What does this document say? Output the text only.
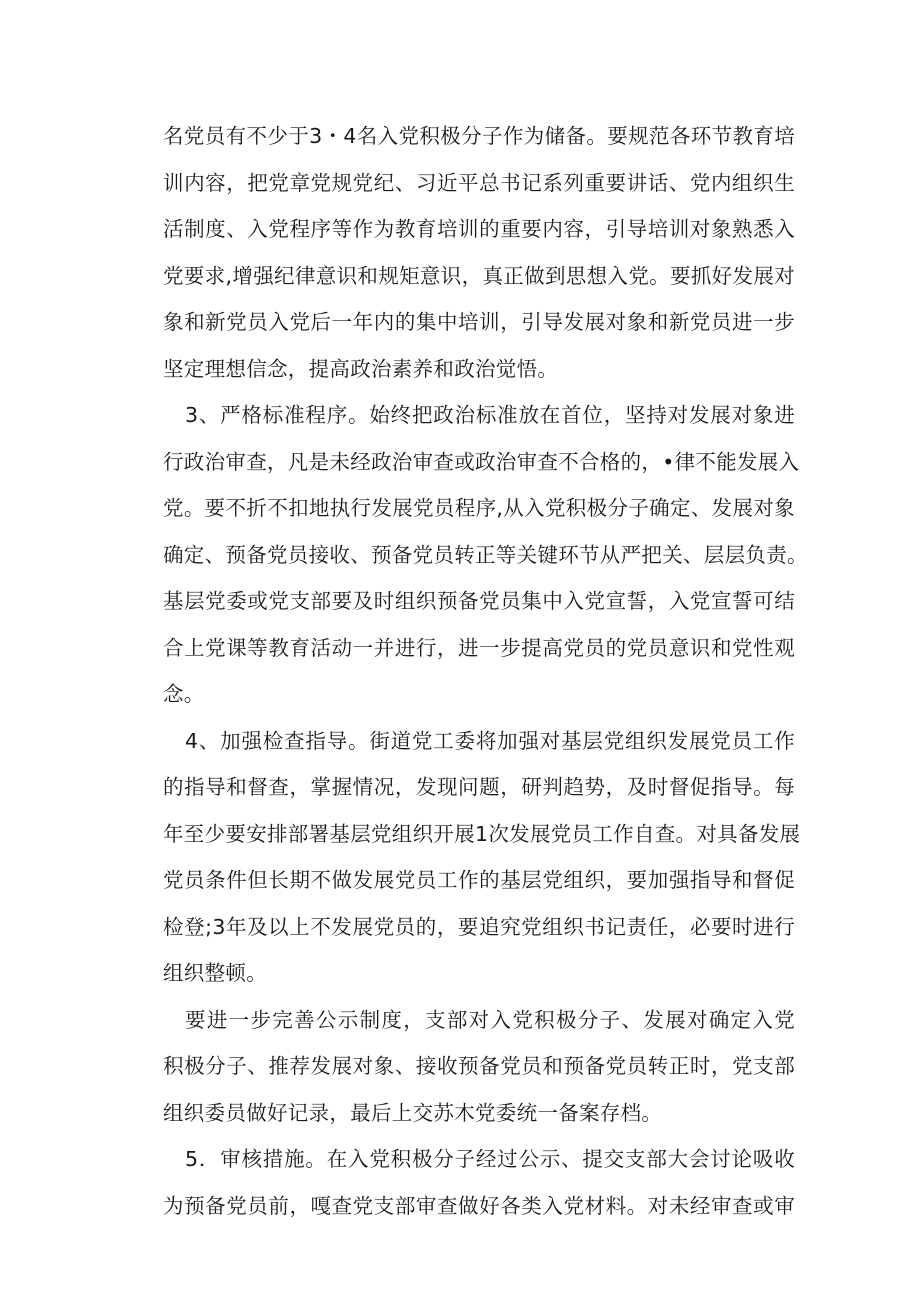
名党员有不少于3・4名入党积极分子作为储备。要规范各环节教育培
训内容，把党章党规党纪、习近平总书记系列重要讲话、党内组织生
活制度、入党程序等作为教育培训的重要内容，引导培训对象熟悉入
党要求,增强纪律意识和规矩意识，真正做到思想入党。要抓好发展对
象和新党员入党后一年内的集中培训，引导发展对象和新党员进一步
坚定理想信念，提高政治素养和政治觉悟。
3、严格标准程序。始终把政治标准放在首位，坚持对发展对象进
行政治审查，凡是未经政治审查或政治审查不合格的，•律不能发展入
党。要不折不扣地执行发展党员程序,从入党积极分子确定、发展对象
确定、预备党员接收、预备党员转正等关键环节从严把关、层层负责。
基层党委或党支部要及时组织预备党员集中入党宣誓，入党宣誓可结
合上党课等教育活动一并进行，进一步提高党员的党员意识和党性观
念。
4、加强检查指导。街道党工委将加强对基层党组织发展党员工作
的指导和督查，掌握情况，发现问题，研判趋势，及时督促指导。每
年至少要安排部署基层党组织开展1次发展党员工作自查。对具备发展
党员条件但长期不做发展党员工作的基层党组织，要加强指导和督促
检登;3年及以上不发展党员的，要追究党组织书记责任，必要时进行
组织整顿。
要进一步完善公示制度，支部对入党积极分子、发展对确定入党
积极分子、推荐发展对象、接收预备党员和预备党员转正时，党支部
组织委员做好记录，最后上交苏木党委统一备案存档。
5．审核措施。在入党积极分子经过公示、提交支部大会讨论吸收
为预备党员前，嘎查党支部审查做好各类入党材料。对未经审查或审
